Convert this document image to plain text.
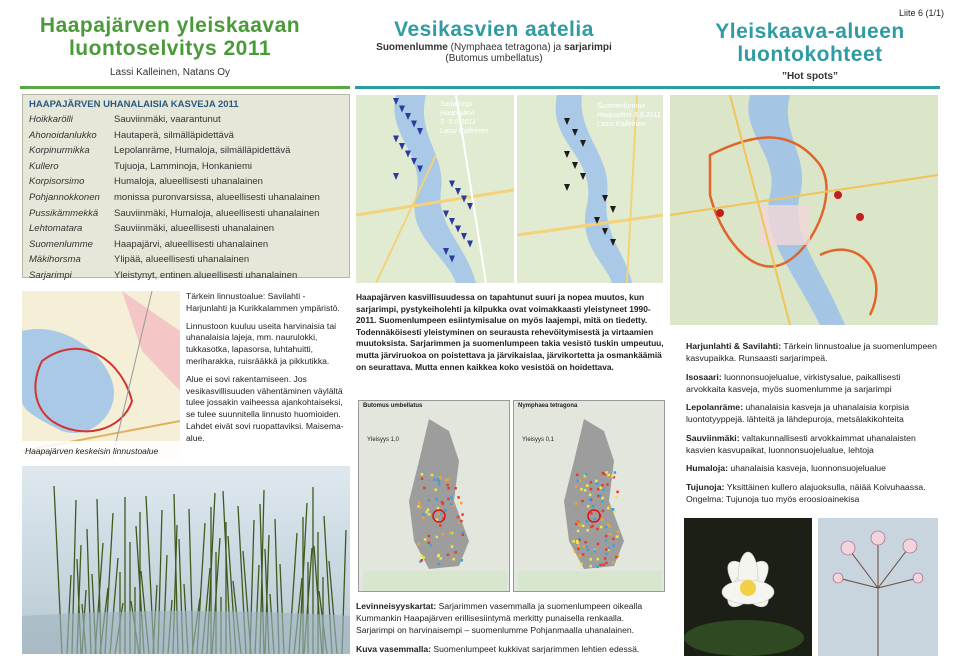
Haapajärven yleiskaavan luontoselvitys 2011
Lassi Kalleinen, Natans Oy
Vesikasvien aatelia
Suomenlumme (Nymphaea tetragona) ja sarjarimpi
(Butomus umbellatus)
Yleiskaava-alueen luontokohteet
”Hot spots”
Liite 6 (1/1)
HAAPAJÄRVEN UHANALAISIA KASVEJA 2011
Hoikkarölli	Sauviinmäki, vaarantunut
Ahonoidanlukko	Hautaperä, silmälläpidettävä
Korpinurmikka	Lepolanräme, Humaloja, silmälläpidettävä
Kullero	Tujuoja, Lamminoja, Honkaniemi
Korpisorsimo	Humaloja, alueellisesti uhanalainen
Pohjannokkonen	monissa puronvarsissa, alueellisesti uhanalainen
Pussikämmekkä	Sauviinmäki, Humaloja, alueellisesti uhanalainen
Lehtomatara	Sauviinmäki, alueellisesti uhanalainen
Suomenlumme	Haapajärvi, alueellisesti uhanalainen
Mäkihorsma	Ylipää, alueellisesti uhanalainen
Sarjarimpi	Yleistynyt, entinen alueellisesti uhanalainen
Sarjarimpi
Haapajärvi
3.-5.8.2011
Lassi Kalleinen
Suomenlumme
Haapajärvi 3.8.2011
Lassi Kalleinen
Haapajärven keskeisin linnustoalue

Tärkein linnustoalue: Savilahti -Harjunlahti ja Kurikkalammen ympäristö.

Linnustoon kuuluu useita harvinaisia tai uhanalaisia lajeja, mm. naurulokki, tukkasotka, lapasorsa, luhtahuitti, meriharakka, ruisrääkkä ja pikkutikka.

Alue ei sovi rakentamiseen. Jos vesikasvillisuuden vähentäminen väylältä tulee jossakin vaiheessa ajankohtaiseksi, se tulee suunnitella linnusto huomioiden. Lahdet eivät sovi ruopattaviksi. Maisema-alue.

Haapajärven kasvillisuudessa on tapahtunut suuri ja nopea muutos, kun sarjarimpi, pystykeiholehti ja kilpukka ovat voimakkaasti yleistyneet 1990-2011. Suomenlumpeen esiintymisalue on myös laajempi, mitä on tiedetty. Todennäköisesti yleistyminen on seurausta rehevöitymisestä ja virtaamien muutoksista. Sarjarimmen ja suomenlumpeen takia vesistö tuskin umpeutuu, mutta järviruokoa on poistettava ja järvikaislaa, järvikortetta ja osmankäämiä on seurattava. Mutta ennen kaikkea koko vesistöä on hoidettava.
Butomus umbellatus
Yleisyys 1,0
Nymphaea tetragona
Yleisyys 0,1
Levinneisyyskartat: Sarjarimmen vasemmalla ja suomenlumpeen oikealla Kummankin Haapajärven erillisesiintymä merkitty punaisella renkaalla. Sarjarimpi on harvinaisempi – suomenlumme Pohjanmaalla uhanalainen.
Kuva vasemmalla: Suomenlumpeet kukkivat sarjarimmen lehtien edessä.

Harjunlahti & Savilahti: Tärkein linnustoalue ja suomenlumpeen kasvupaikka. Runsaasti sarjarimpeä.

Isosaari: luonnonsuojelualue, virkistysalue, paikallisesti arvokkaita kasveja, myös suomenlumme ja sarjarimpi

Lepolanräme: uhanalaisia kasveja ja uhanalaisia korpisia luontotyyppejä. lähteitä ja lähdepuroja, metsälakikohteita

Sauviinmäki: valtakunnallisesti arvokkaimmat uhanalaisten kasvien kasvupaikat, luonnonsuojelualue, lehtoja

Humaloja: uhanalaisia kasveja, luonnonsuojelualue

Tujunoja: Yksittäinen kullero alajuoksulla, näiää Koivuhaassa. Ongelma: Tujunoja tuo myös eroosioainekisa
